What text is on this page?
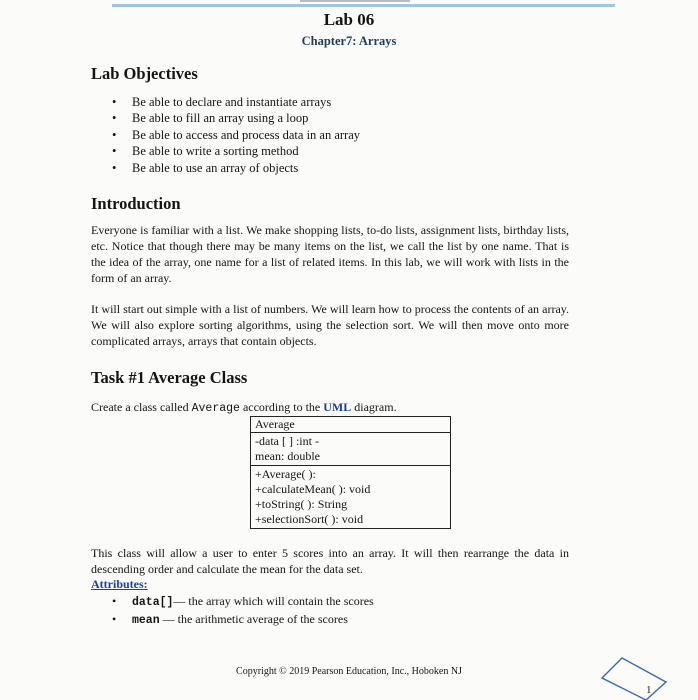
Lab 06
Chapter7: Arrays
Lab Objectives
• Be able to declare and instantiate arrays
• Be able to fill an array using a loop
• Be able to access and process data in an array
• Be able to write a sorting method
• Be able to use an array of objects
Introduction

Everyone is familiar with a list. We make shopping lists, to-do lists, assignment lists, birthday lists, etc. Notice that though there may be many items on the list, we call the list by one name. That is the idea of the array, one name for a list of related items. In this lab, we will work with lists in the form of an array.

It will start out simple with a list of numbers. We will learn how to process the contents of an array. We will also explore sorting algorithms, using the selection sort. We will then move onto more complicated arrays, arrays that contain objects.

Task #1 Average Class

Create a class called Average according to the UML diagram.

Average

-data [ ] :int -
mean: double

+Average( ):
+calculateMean( ): void
+toString( ): String
+selectionSort( ): void

This class will allow a user to enter 5 scores into an array. It will then rearrange the data in descending order and calculate the mean for the data set.

Attributes:
• data[]— the array which will contain the scores
• mean — the arithmetic average of the scores
Copyright © 2019 Pearson Education, Inc., Hoboken NJ
1
